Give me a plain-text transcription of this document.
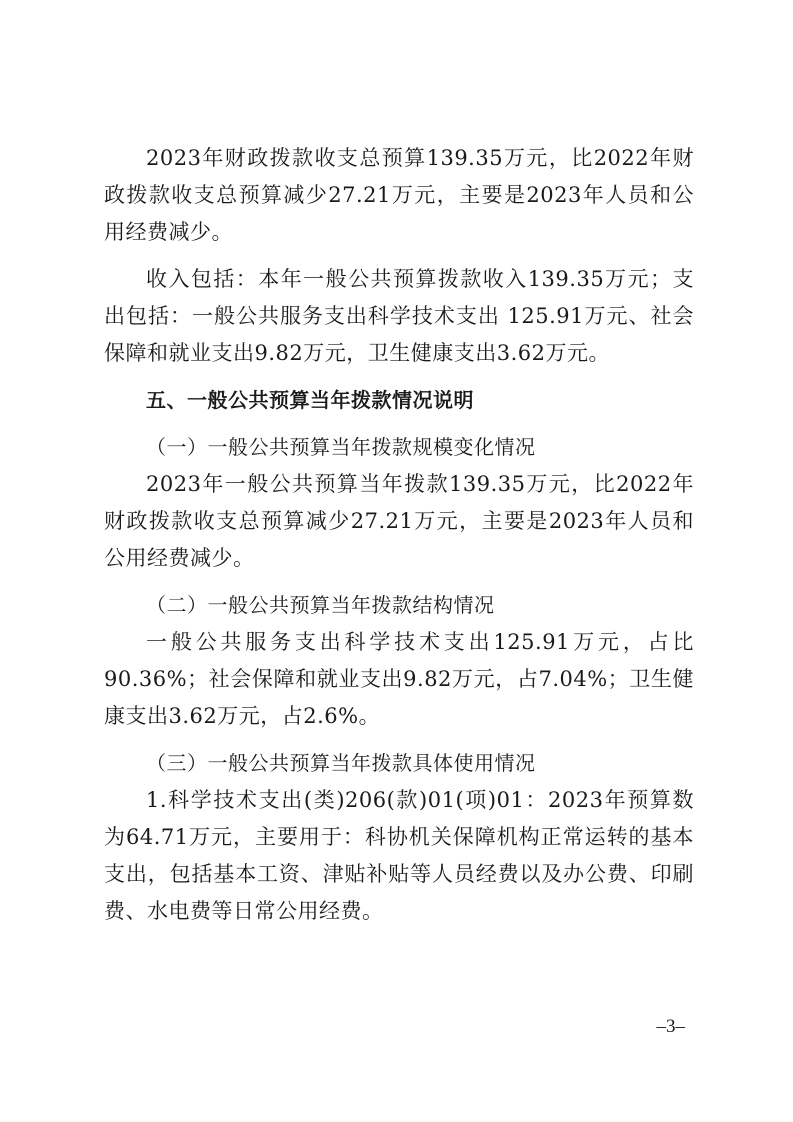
2023年财政拨款收支总预算139.35万元，比2022年财政拨款收支总预算减少27.21万元，主要是2023年人员和公用经费减少。

收入包括：本年一般公共预算拨款收入139.35万元；支出包括：一般公共服务支出科学技术支出 125.91万元、社会保障和就业支出9.82万元，卫生健康支出3.62万元。

五、一般公共预算当年拨款情况说明

（一）一般公共预算当年拨款规模变化情况

2023年一般公共预算当年拨款139.35万元，比2022年财政拨款收支总预算减少27.21万元，主要是2023年人员和公用经费减少。

（二）一般公共预算当年拨款结构情况

一般公共服务支出科学技术支出125.91万元，占比90.36%；社会保障和就业支出9.82万元，占7.04%；卫生健康支出3.62万元，占2.6%。

（三）一般公共预算当年拨款具体使用情况

1.科学技术支出(类)206(款)01(项)01：2023年预算数为64.71万元，主要用于：科协机关保障机构正常运转的基本支出，包括基本工资、津贴补贴等人员经费以及办公费、印刷费、水电费等日常公用经费。

–3–
